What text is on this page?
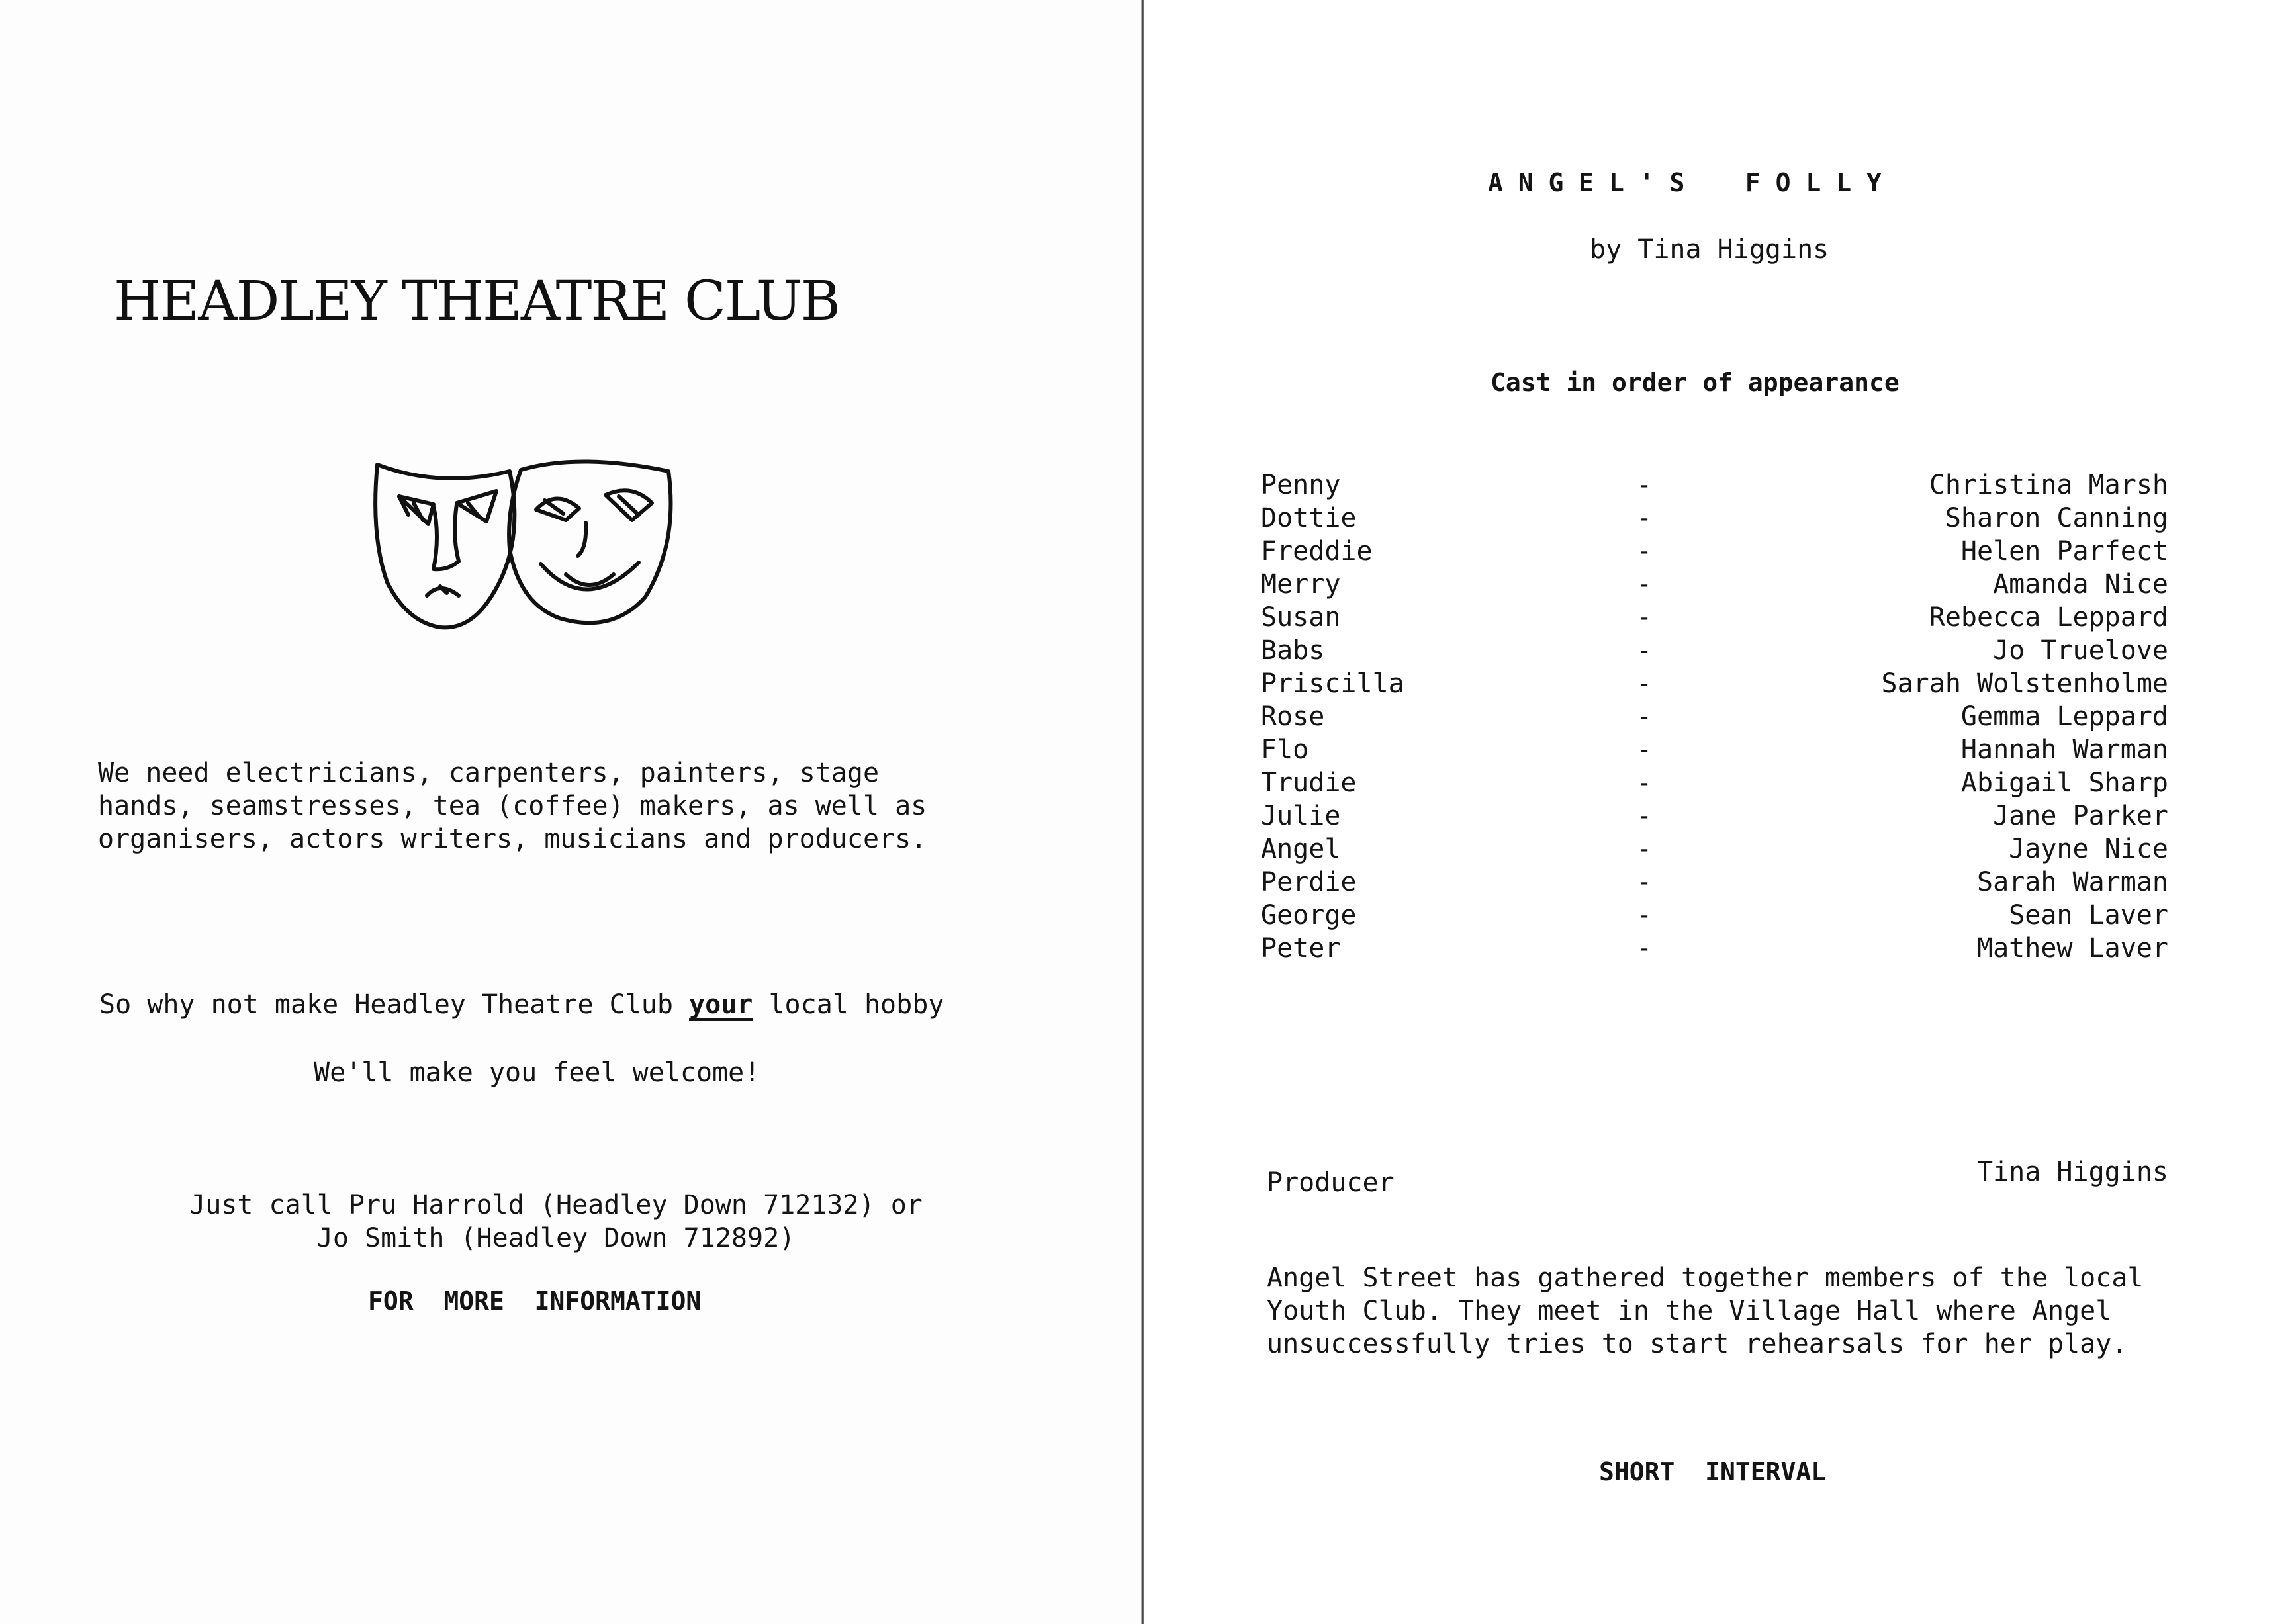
HEADLEY THEATRE CLUB
We need electricians, carpenters, painters, stage
hands, seamstresses, tea (coffee) makers, as well as
organisers, actors writers, musicians and producers.
So why not make Headley Theatre Club your local hobby
We'll make you feel welcome!
Just call Pru Harrold (Headley Down 712132) or
Jo Smith (Headley Down 712892)
FOR  MORE  INFORMATION
A N G E L ' S    F O L L Y
by Tina Higgins
Cast in order of appearance
Penny	-	Christina Marsh
Dottie	-	Sharon Canning
Freddie	-	Helen Parfect
Merry	-	Amanda Nice
Susan	-	Rebecca Leppard
Babs	-	Jo Truelove
Priscilla	-	Sarah Wolstenholme
Rose	-	Gemma Leppard
Flo	-	Hannah Warman
Trudie	-	Abigail Sharp
Julie	-	Jane Parker
Angel	-	Jayne Nice
Perdie	-	Sarah Warman
George	-	Sean Laver
Peter	-	Mathew Laver
Producer	Tina Higgins
Angel Street has gathered together members of the local
Youth Club. They meet in the Village Hall where Angel
unsuccessfully tries to start rehearsals for her play.
SHORT  INTERVAL
